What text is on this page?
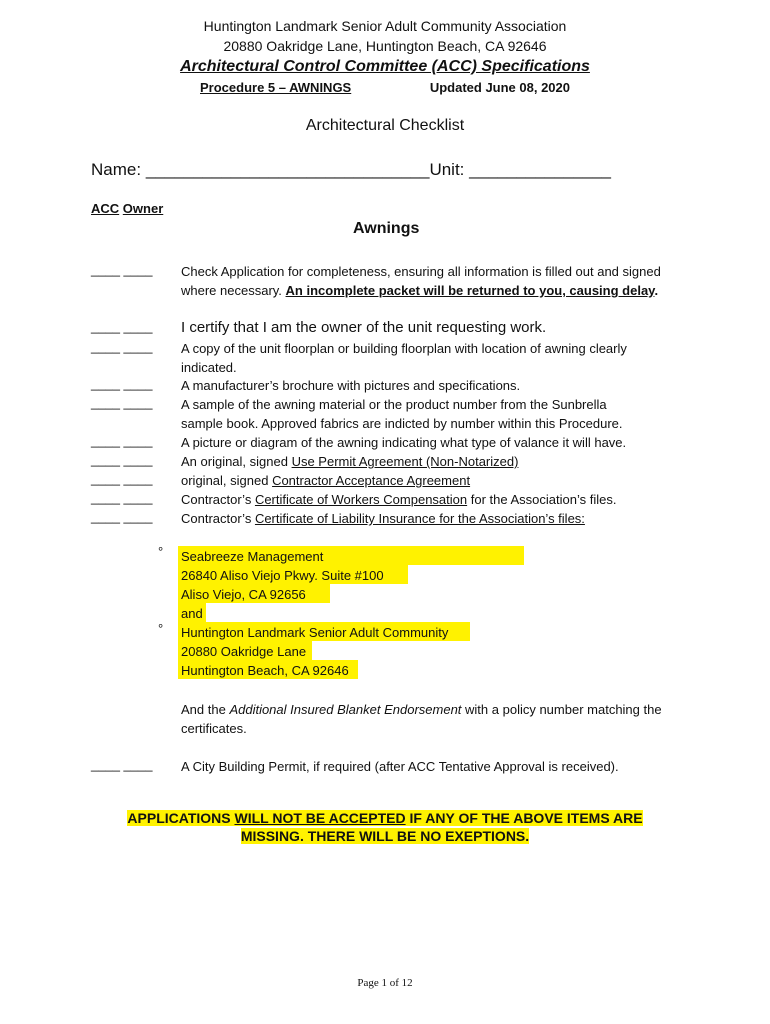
Huntington Landmark Senior Adult Community Association
20880 Oakridge Lane, Huntington Beach, CA 92646
Architectural Control Committee (ACC) Specifications
Procedure 5 – AWNINGS	Updated June 08, 2020
Architectural Checklist
Name: ______________________________Unit: _______________
ACC Owner
Awnings
____ ____
____ ____
____ ____
____ ____
____ ____
____ ____
____ ____
____ ____
____ ____
____ ____
____ ____
Check Application for completeness, ensuring all information is filled out and signed where necessary. An incomplete packet will be returned to you, causing delay.
I certify that I am the owner of the unit requesting work.
A copy of the unit floorplan or building floorplan with location of awning clearly indicated.
A manufacturer’s brochure with pictures and specifications.
A sample of the awning material or the product number from the Sunbrella
sample book. Approved fabrics are indicted by number within this Procedure.
A picture or diagram of the awning indicating what type of valance it will have.
An original, signed Use Permit Agreement (Non-Notarized)
original, signed Contractor Acceptance Agreement
Contractor’s Certificate of Workers Compensation for the Association’s files.
Contractor’s Certificate of Liability Insurance for the Association’s files:
°
°
Seabreeze Management
26840 Aliso Viejo Pkwy. Suite #100
Aliso Viejo, CA 92656
and
Huntington Landmark Senior Adult Community
20880 Oakridge Lane
Huntington Beach, CA 92646
And the Additional Insured Blanket Endorsement with a policy number matching the certificates.
A City Building Permit, if required (after ACC Tentative Approval is received).
APPLICATIONS WILL NOT BE ACCEPTED IF ANY OF THE ABOVE ITEMS ARE
MISSING. THERE WILL BE NO EXEPTIONS.
Page 1 of 12
